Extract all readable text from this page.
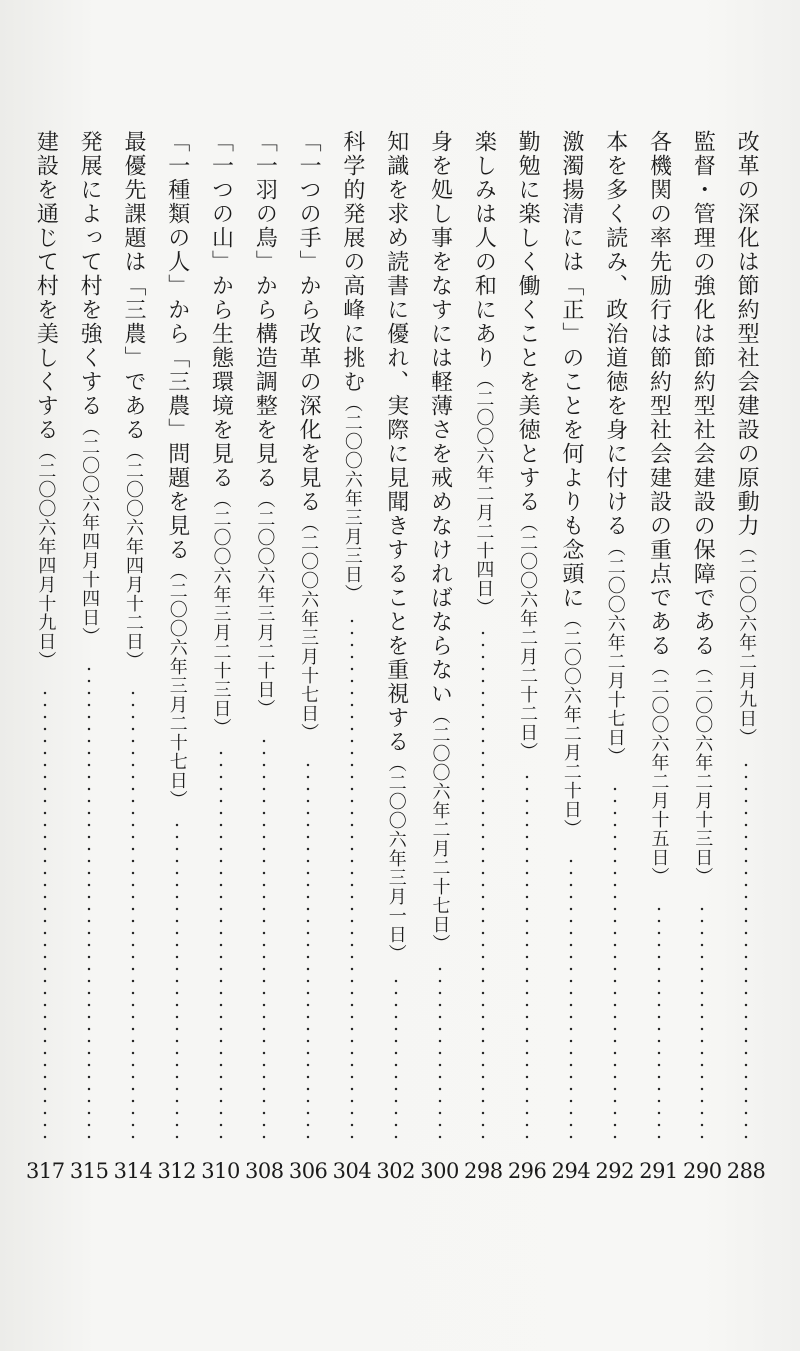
改革の深化は節約型社会建設の原動力（二〇〇六年二月九日）
288
監督・管理の強化は節約型社会建設の保障である（二〇〇六年二月十三日）
290
各機関の率先励行は節約型社会建設の重点である（二〇〇六年二月十五日）
291
本を多く読み、政治道徳を身に付ける（二〇〇六年二月十七日）
292
激濁揚清には「正」のことを何よりも念頭に（二〇〇六年二月二十日）
294
勤勉に楽しく働くことを美徳とする（二〇〇六年二月二十二日）
296
楽しみは人の和にあり（二〇〇六年二月二十四日）
298
身を処し事をなすには軽薄さを戒めなければならない（二〇〇六年二月二十七日）
300
知識を求め読書に優れ、実際に見聞きすることを重視する（二〇〇六年三月一日）
302
科学的発展の高峰に挑む（二〇〇六年三月三日）
304
「一つの手」から改革の深化を見る（二〇〇六年三月十七日）
306
「一羽の鳥」から構造調整を見る（二〇〇六年三月二十日）
308
「一つの山」から生態環境を見る（二〇〇六年三月二十三日）
310
「一種類の人」から「三農」問題を見る（二〇〇六年三月二十七日）
312
最優先課題は「三農」である（二〇〇六年四月十二日）
314
発展によって村を強くする（二〇〇六年四月十四日）
315
建設を通じて村を美しくする（二〇〇六年四月十九日）
317
